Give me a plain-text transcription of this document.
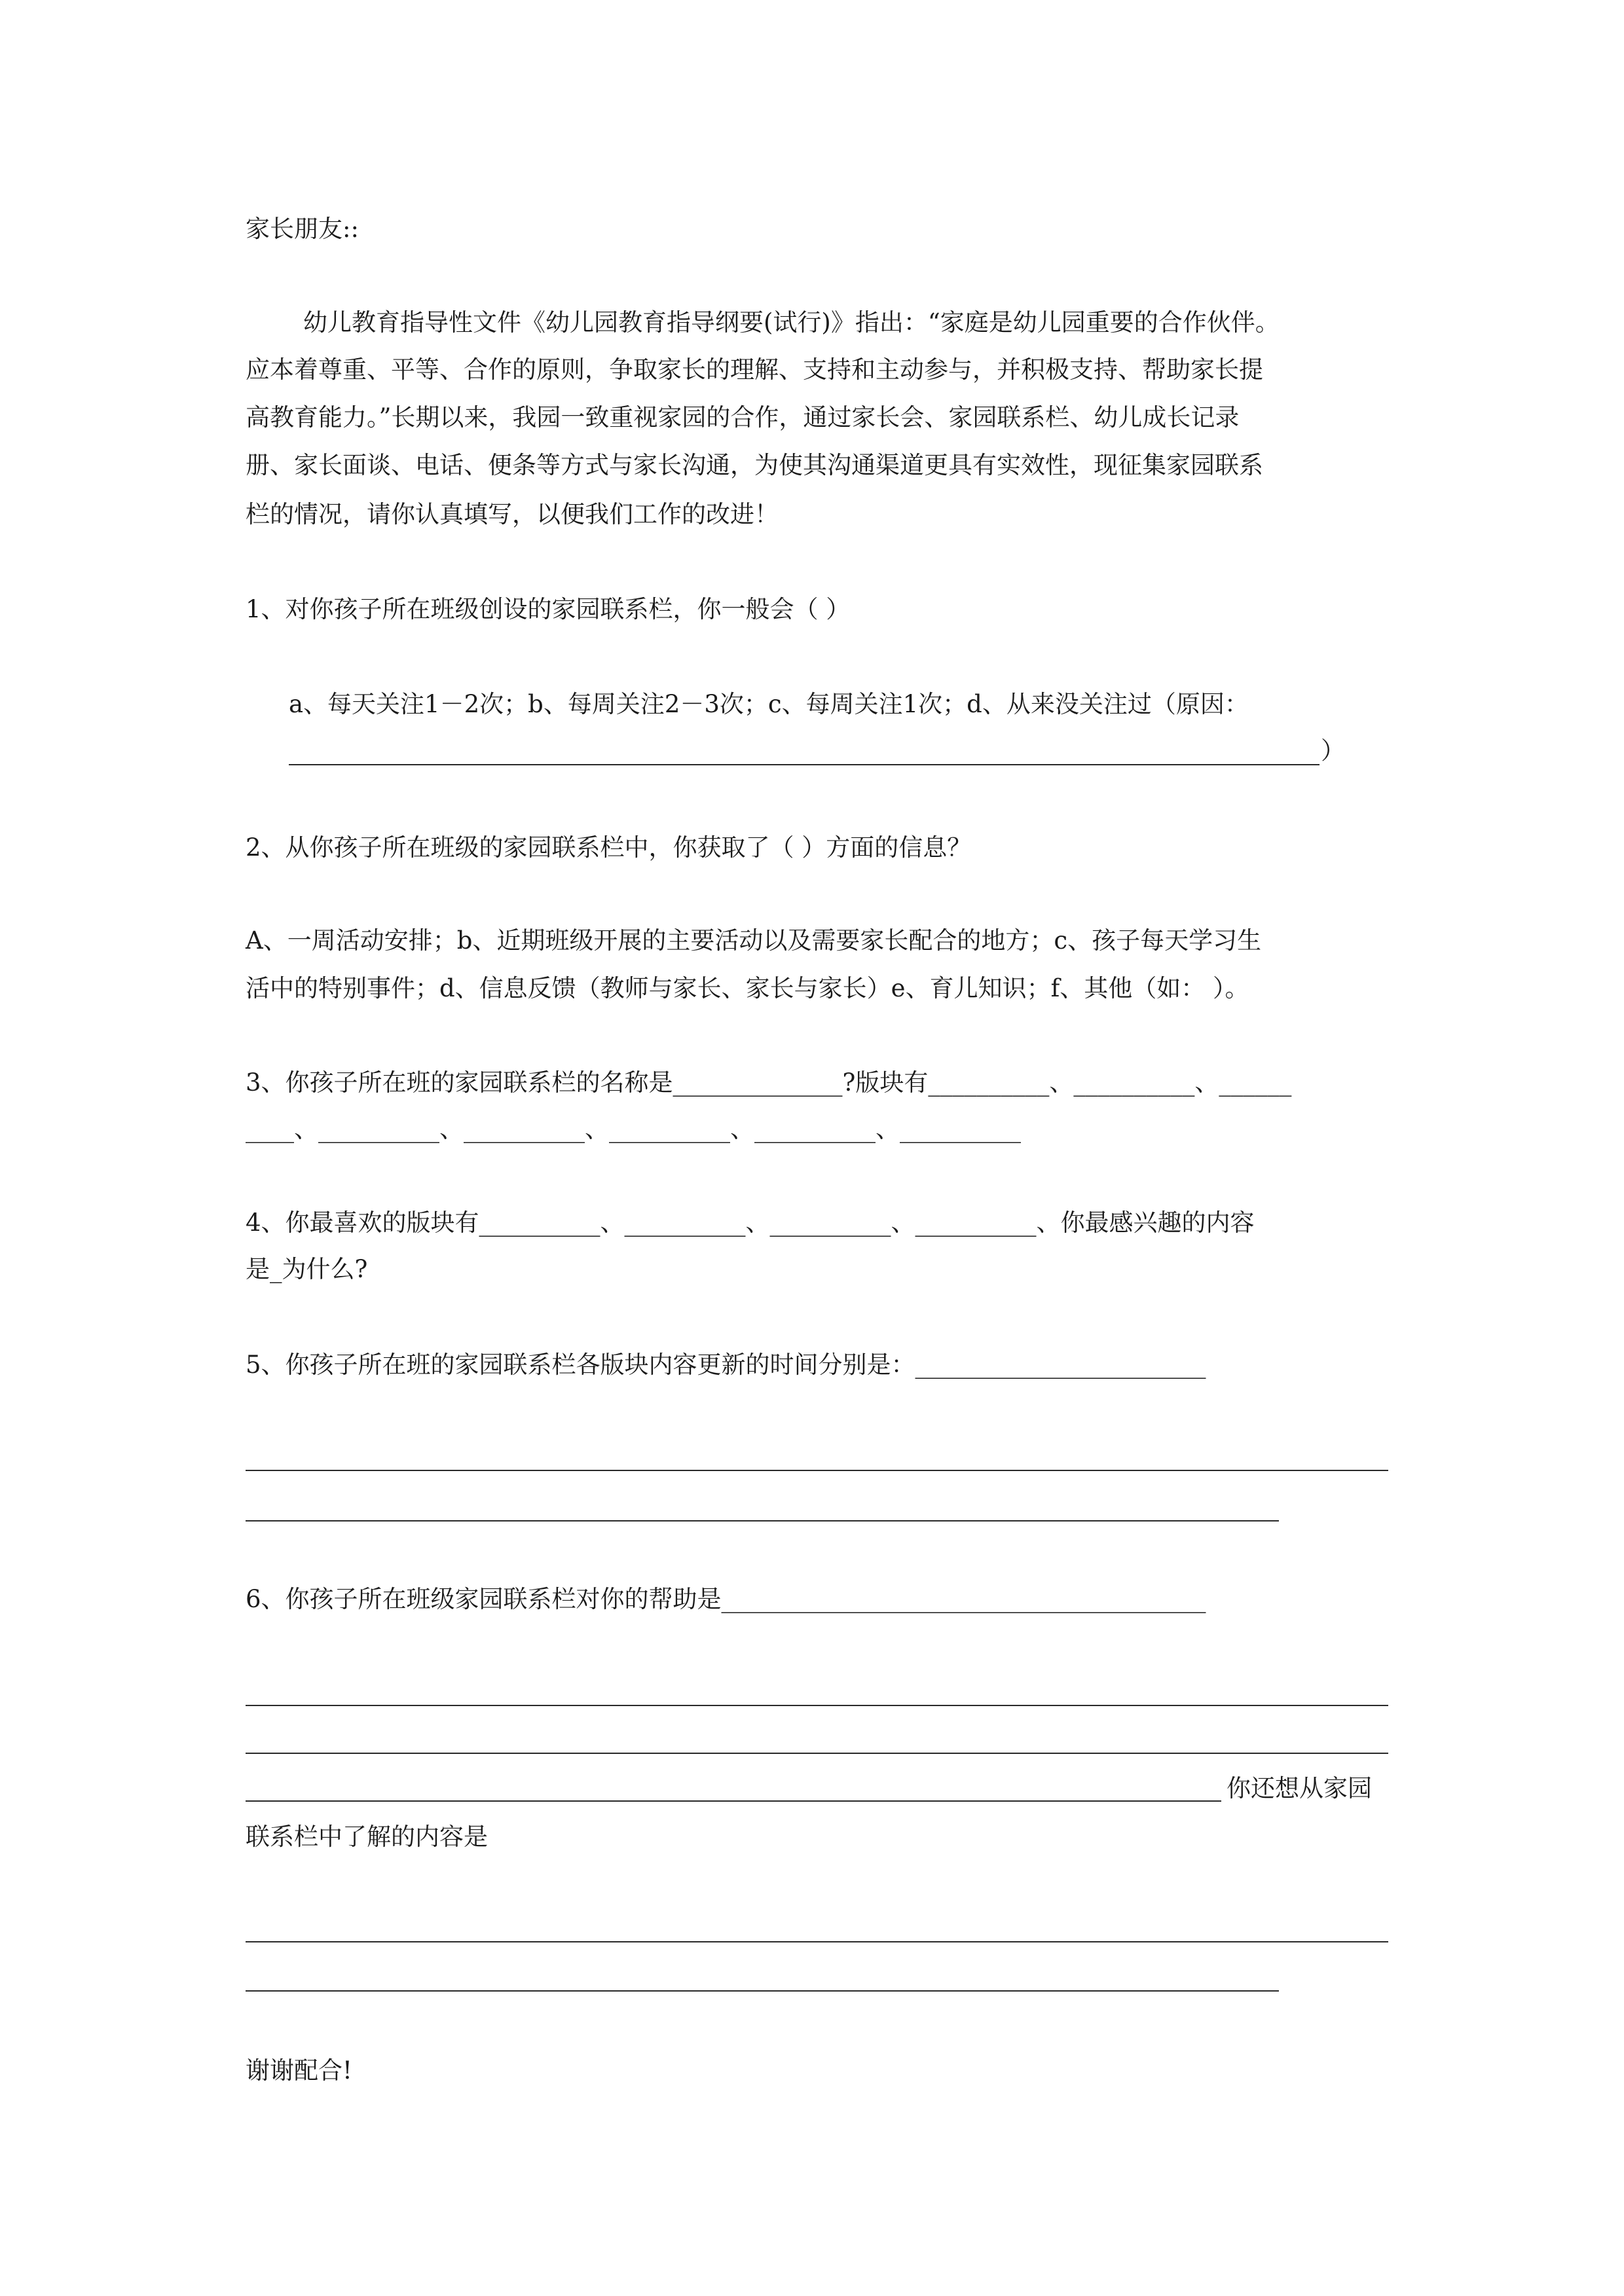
家长朋友::
幼儿教育指导性文件《幼儿园教育指导纲要(试行)》指出：“家庭是幼儿园重要的合作伙伴。
应本着尊重、平等、合作的原则，争取家长的理解、支持和主动参与，并积极支持、帮助家长提
高教育能力。”长期以来，我园一致重视家园的合作，通过家长会、家园联系栏、幼儿成长记录
册、家长面谈、电话、便条等方式与家长沟通，为使其沟通渠道更具有实效性，现征集家园联系
栏的情况，请你认真填写，以便我们工作的改进！
1、对你孩子所在班级创设的家园联系栏，你一般会（ ）
a、每天关注1－2次；b、每周关注2－3次；c、每周关注1次；d、从来没关注过（原因：
）
2、从你孩子所在班级的家园联系栏中，你获取了（ ）方面的信息？
A、一周活动安排；b、近期班级开展的主要活动以及需要家长配合的地方；c、孩子每天学习生
活中的特别事件；d、信息反馈（教师与家长、家长与家长）e、育儿知识；f、其他（如： ）。
3、你孩子所在班的家园联系栏的名称是______________?版块有__________、__________、______
____、__________、__________、__________、__________、__________
4、你最喜欢的版块有__________、__________、__________、__________、你最感兴趣的内容
是_为什么?
5、你孩子所在班的家园联系栏各版块内容更新的时间分别是：________________________
6、你孩子所在班级家园联系栏对你的帮助是________________________________________
你还想从家园
联系栏中了解的内容是
谢谢配合!
